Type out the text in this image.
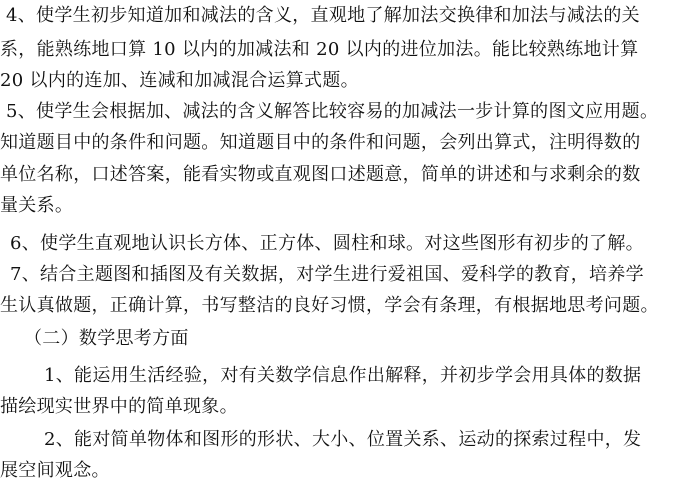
4、使学生初步知道加和减法的含义，直观地了解加法交换律和加法与减法的关
系，能熟练地口算 10 以内的加减法和 20 以内的进位加法。能比较熟练地计算
20 以内的连加、连减和加减混合运算式题。
5、使学生会根据加、减法的含义解答比较容易的加减法一步计算的图文应用题。
知道题目中的条件和问题。知道题目中的条件和问题，会列出算式，注明得数的
单位名称，口述答案，能看实物或直观图口述题意，简单的讲述和与求剩余的数
量关系。
6、使学生直观地认识长方体、正方体、圆柱和球。对这些图形有初步的了解。
7、结合主题图和插图及有关数据，对学生进行爱祖国、爱科学的教育，培养学
生认真做题，正确计算，书写整洁的良好习惯，学会有条理，有根据地思考问题。
（二）数学思考方面
1、能运用生活经验，对有关数学信息作出解释，并初步学会用具体的数据
描绘现实世界中的简单现象。
2、能对简单物体和图形的形状、大小、位置关系、运动的探索过程中，发
展空间观念。
